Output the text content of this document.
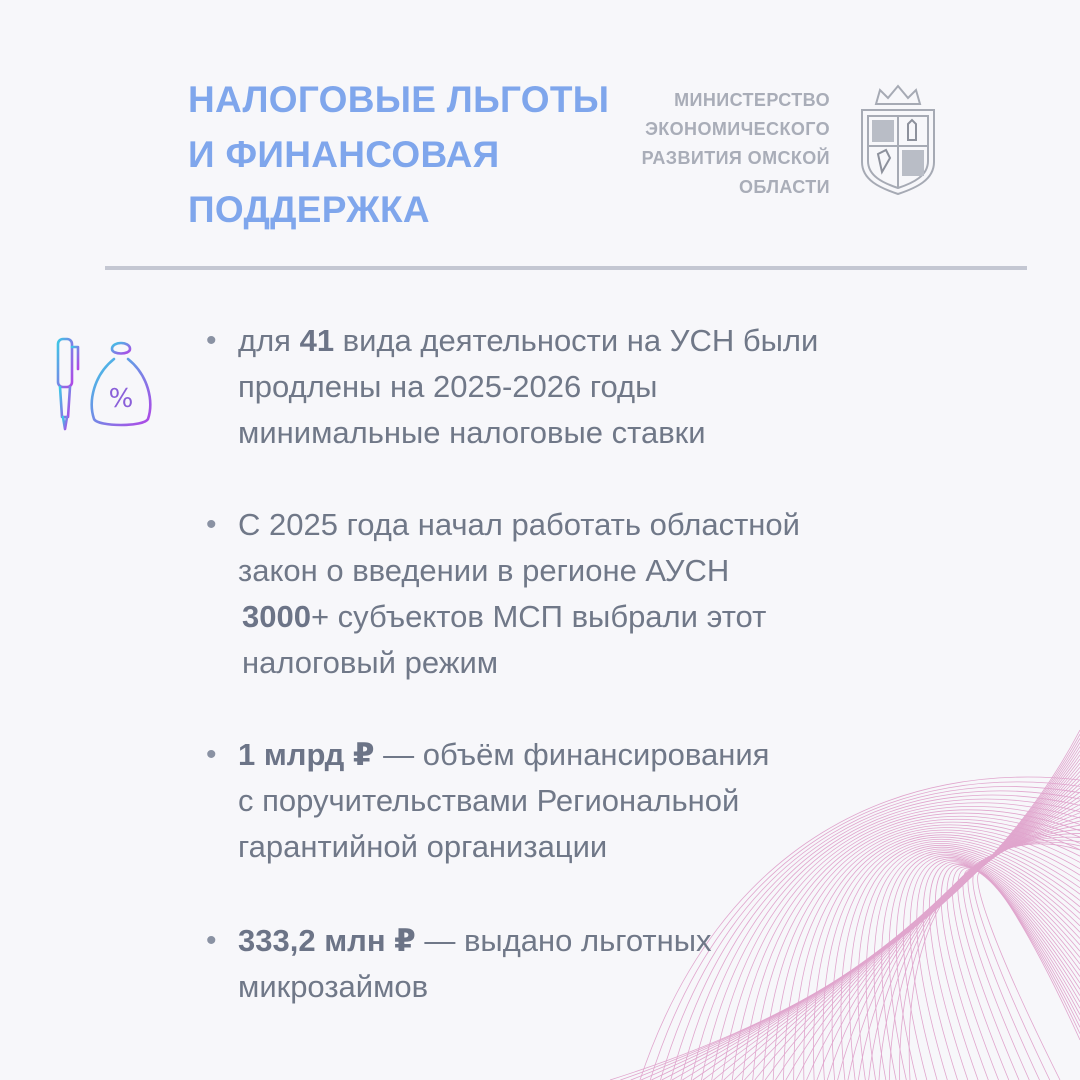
НАЛОГОВЫЕ ЛЬГОТЫ
И ФИНАНСОВАЯ
ПОДДЕРЖКА
МИНИСТЕРСТВО
ЭКОНОМИЧЕСКОГО
РАЗВИТИЯ ОМСКОЙ
ОБЛАСТИ
%
• для 41 вида деятельности на УСН были
продлены на 2025-2026 годы
минимальные налоговые ставки
• С 2025 года начал работать областной
закон о введении в регионе АУСН
3000+ субъектов МСП выбрали этот
налоговый режим
• 1 млрд ₽ — объём финансирования
с поручительствами Региональной
гарантийной организации
• 333,2 млн ₽ — выдано льготных
микрозаймов
